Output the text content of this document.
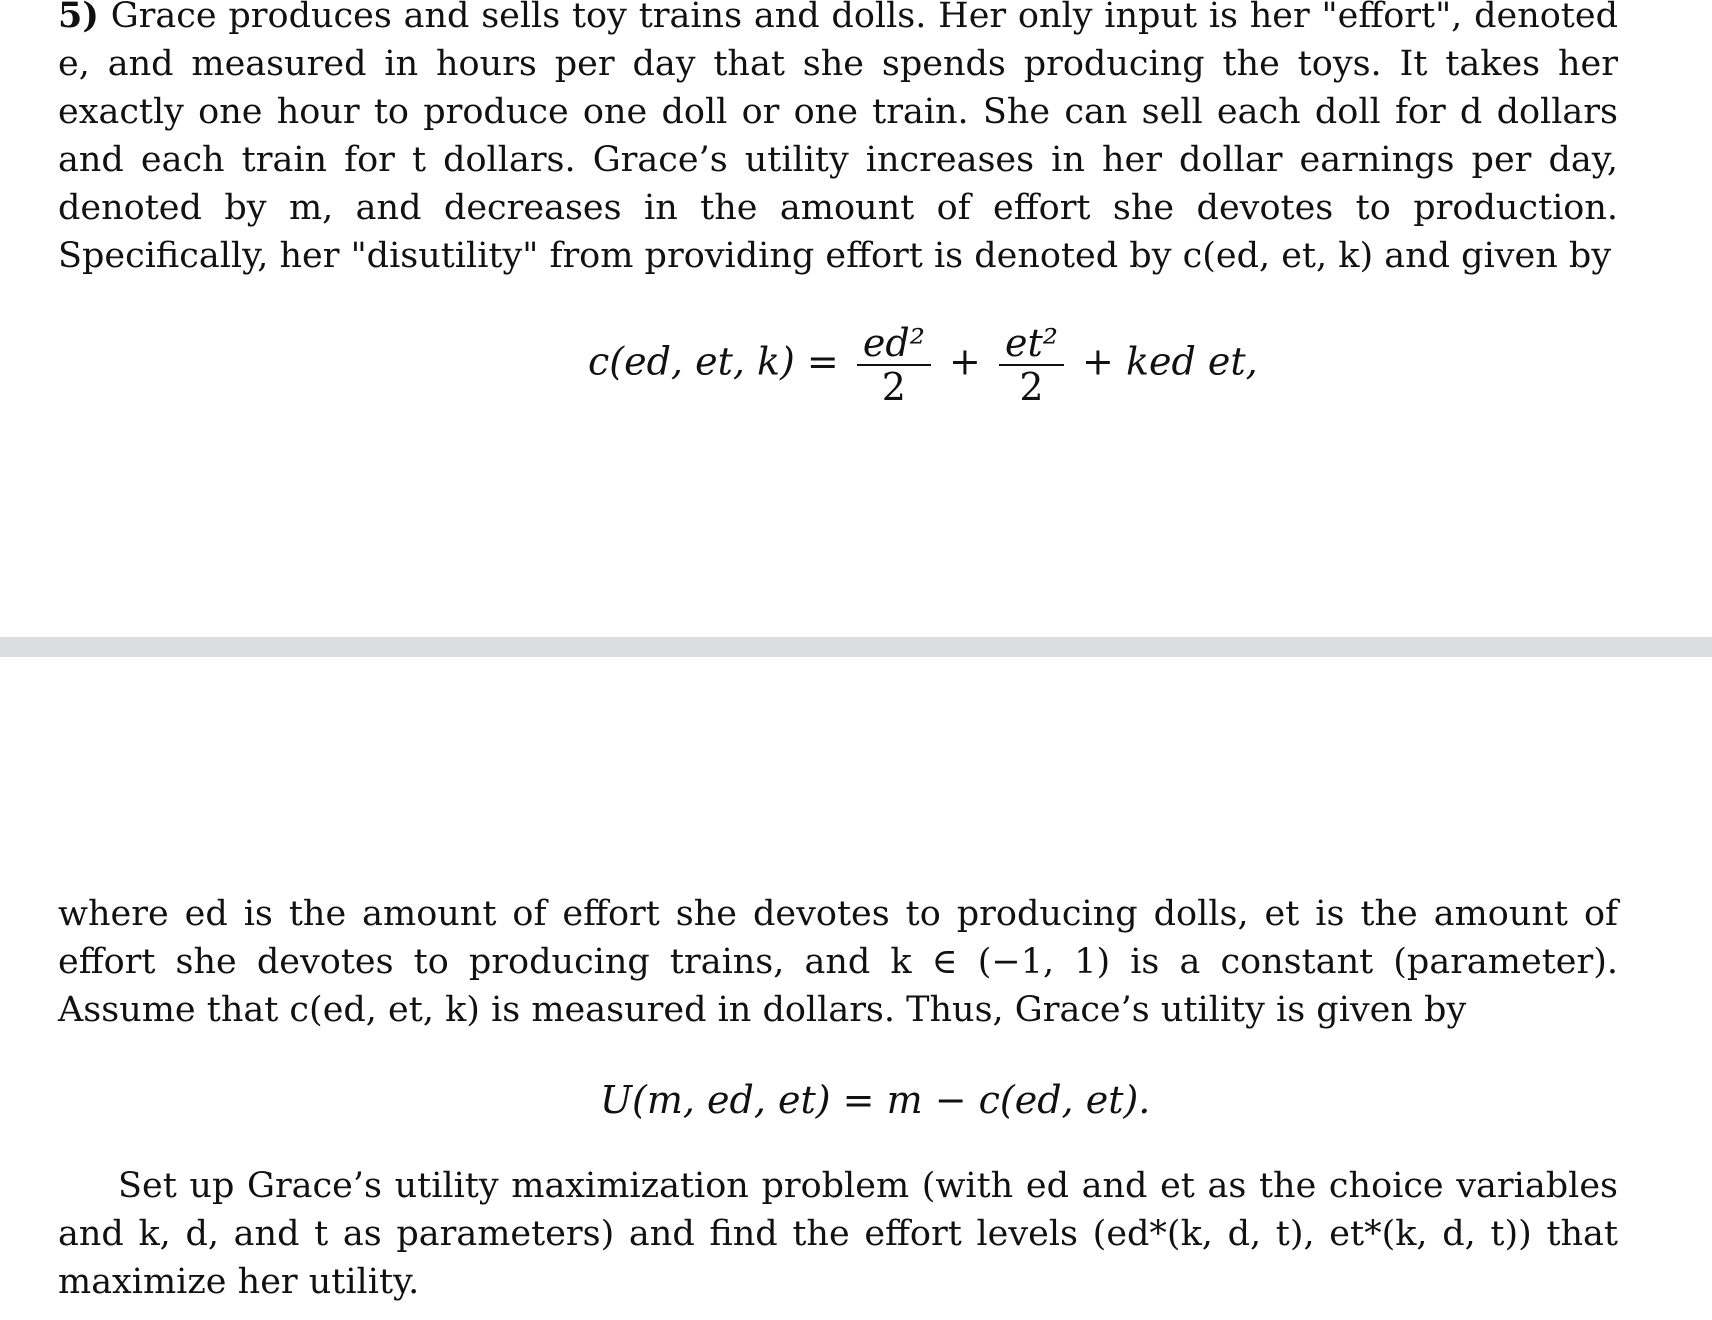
5) Grace produces and sells toy trains and dolls. Her only input is her "effort", denoted e, and measured in hours per day that she spends producing the toys. It takes her exactly one hour to produce one doll or one train. She can sell each doll for d dollars and each train for t dollars. Grace’s utility increases in her dollar earnings per day, denoted by m, and decreases in the amount of effort she devotes to production. Specifically, her "disutility" from providing effort is denoted by c(ed, et, k) and given by

c(ed, et, $k) = \frac{\text{ed²}}{2} + \frac{\text{et²}}{2}$ + ked et,

where ed is the amount of effort she devotes to producing dolls, et is the amount of effort she devotes to producing trains, and k ∈ (−1, 1) is a constant (parameter). Assume that c(ed, et, k) is measured in dollars. Thus, Grace’s utility is given by

U(m, ed, et) = m − c(ed, et).

Set up Grace’s utility maximization problem (with ed and et as the choice variables and k, d, and t as parameters) and find the effort levels (ed*(k, d, t), et*(k, d, t)) that maximize her utility.
